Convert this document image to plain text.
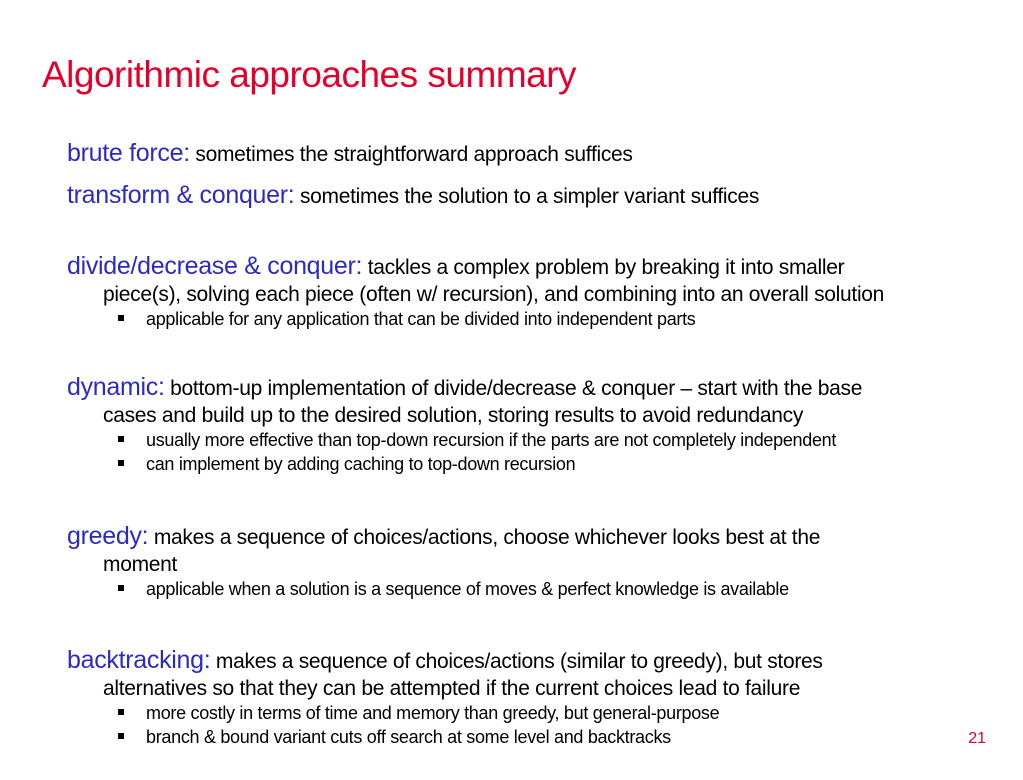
Algorithmic approaches summary
brute force: sometimes the straightforward approach suffices
transform & conquer: sometimes the solution to a simpler variant suffices
divide/decrease & conquer: tackles a complex problem by breaking it into smaller
piece(s), solving each piece (often w/ recursion), and combining into an overall solution
applicable for any application that can be divided into independent parts
dynamic: bottom-up implementation of divide/decrease & conquer – start with the base
cases and build up to the desired solution, storing results to avoid redundancy
usually more effective than top-down recursion if the parts are not completely independent
can implement by adding caching to top-down recursion
greedy: makes a sequence of choices/actions, choose whichever looks best at the
moment
applicable when a solution is a sequence of moves & perfect knowledge is available
backtracking: makes a sequence of choices/actions (similar to greedy), but stores
alternatives so that they can be attempted if the current choices lead to failure
more costly in terms of time and memory than greedy, but general-purpose
branch & bound variant cuts off search at some level and backtracks	21
